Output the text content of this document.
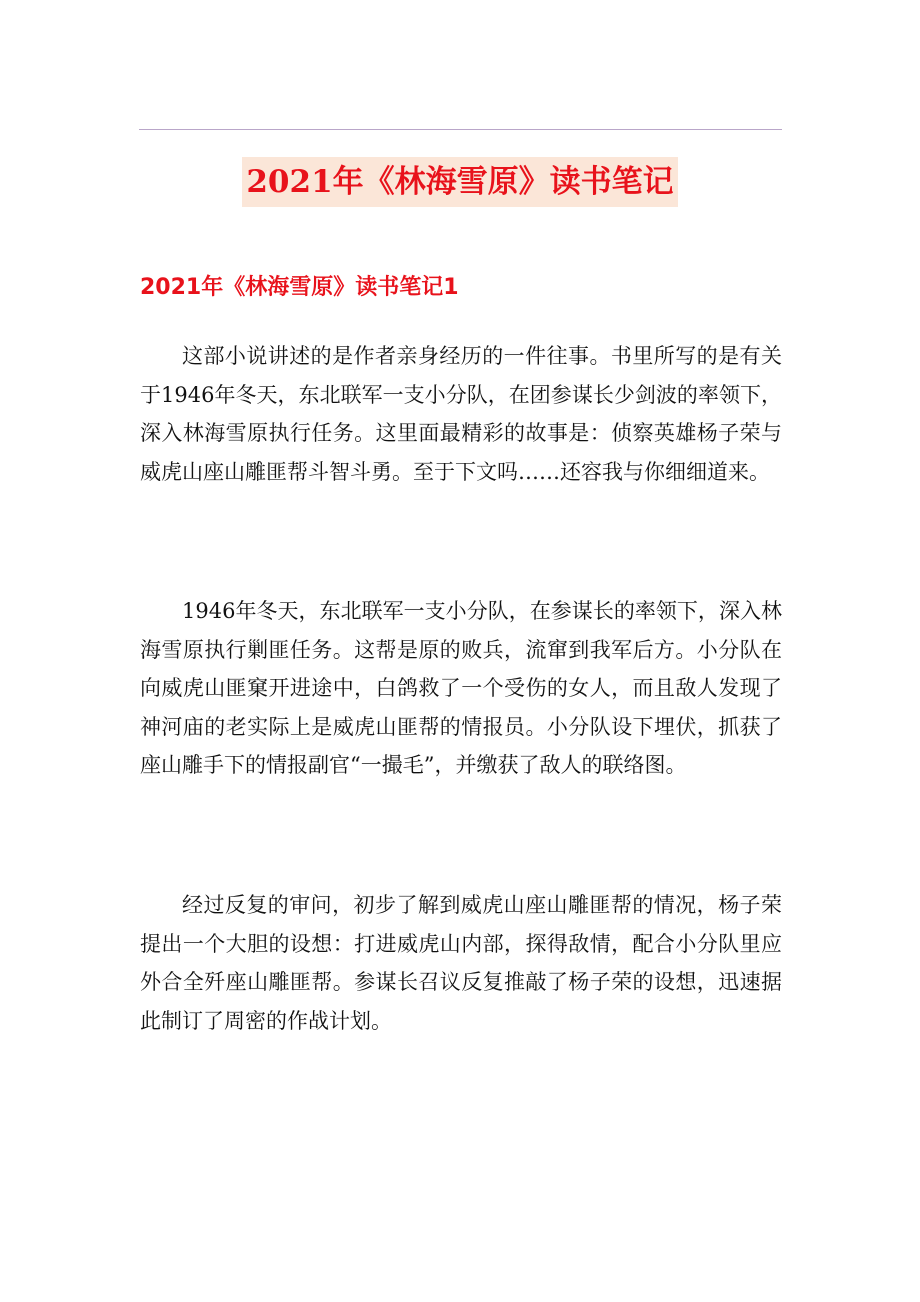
2021年《林海雪原》读书笔记
2021年《林海雪原》读书笔记1

这部小说讲述的是作者亲身经历的一件往事。书里所写的是有关于1946年冬天，东北联军一支小分队，在团参谋长少剑波的率领下，深入林海雪原执行任务。这里面最精彩的故事是：侦察英雄杨子荣与威虎山座山雕匪帮斗智斗勇。至于下文吗……还容我与你细细道来。

1946年冬天，东北联军一支小分队，在参谋长的率领下，深入林海雪原执行剿匪任务。这帮是原的败兵，流窜到我军后方。小分队在向威虎山匪窠开进途中，白鸽救了一个受伤的女人，而且敌人发现了神河庙的老实际上是威虎山匪帮的情报员。小分队设下埋伏，抓获了座山雕手下的情报副官“一撮毛”，并缴获了敌人的联络图。

经过反复的审问，初步了解到威虎山座山雕匪帮的情况，杨子荣提出一个大胆的设想：打进威虎山内部，探得敌情，配合小分队里应外合全歼座山雕匪帮。参谋长召议反复推敲了杨子荣的设想，迅速据此制订了周密的作战计划。
